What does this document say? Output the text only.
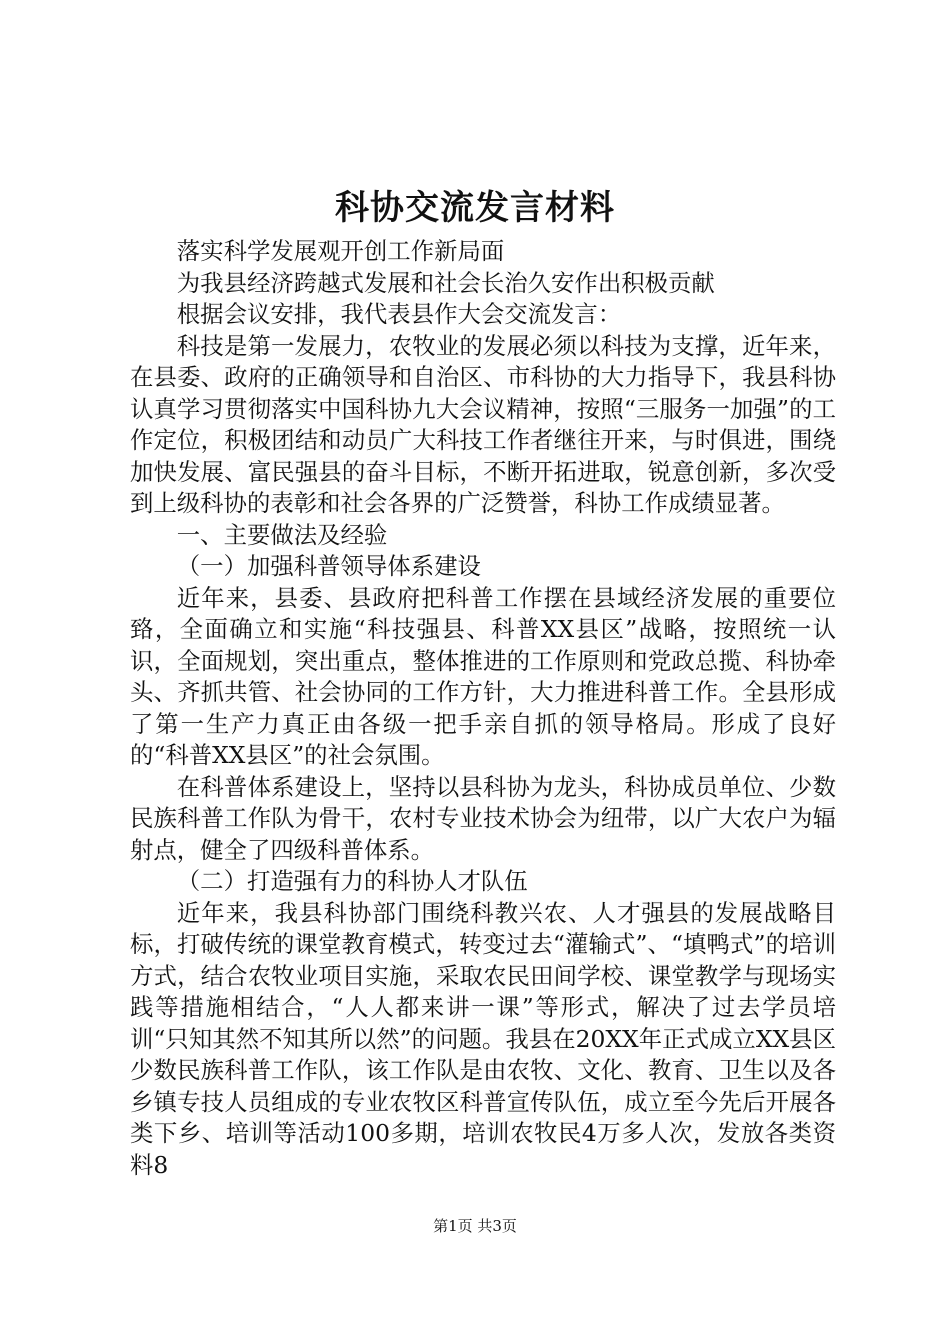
科协交流发言材料

落实科学发展观开创工作新局面

为我县经济跨越式发展和社会长治久安作出积极贡献

根据会议安排，我代表县作大会交流发言：

科技是第一发展力，农牧业的发展必须以科技为支撑，近年来，在县委、政府的正确领导和自治区、市科协的大力指导下，我县科协认真学习贯彻落实中国科协九大会议精神，按照“三服务一加强”的工作定位，积极团结和动员广大科技工作者继往开来，与时俱进，围绕加快发展、富民强县的奋斗目标，不断开拓进取，锐意创新，多次受到上级科协的表彰和社会各界的广泛赞誉，科协工作成绩显著。

一、主要做法及经验

（一）加强科普领导体系建设

近年来，县委、县政府把科普工作摆在县域经济发展的重要位臵，全面确立和实施“科技强县、科普XX县区”战略，按照统一认识，全面规划，突出重点，整体推进的工作原则和党政总揽、科协牵头、齐抓共管、社会协同的工作方针，大力推进科普工作。全县形成了第一生产力真正由各级一把手亲自抓的领导格局。形成了良好的“科普XX县区”的社会氛围。

在科普体系建设上，坚持以县科协为龙头，科协成员单位、少数民族科普工作队为骨干，农村专业技术协会为纽带，以广大农户为辐射点，健全了四级科普体系。

（二）打造强有力的科协人才队伍

近年来，我县科协部门围绕科教兴农、人才强县的发展战略目标，打破传统的课堂教育模式，转变过去“灌输式”、“填鸭式”的培训方式，结合农牧业项目实施，采取农民田间学校、课堂教学与现场实践等措施相结合，“人人都来讲一课”等形式，解决了过去学员培训“只知其然不知其所以然”的问题。我县在20XX年正式成立XX县区少数民族科普工作队，该工作队是由农牧、文化、教育、卫生以及各乡镇专技人员组成的专业农牧区科普宣传队伍，成立至今先后开展各类下乡、培训等活动100多期，培训农牧民4万多人次，发放各类资料8

第1页 共3页
